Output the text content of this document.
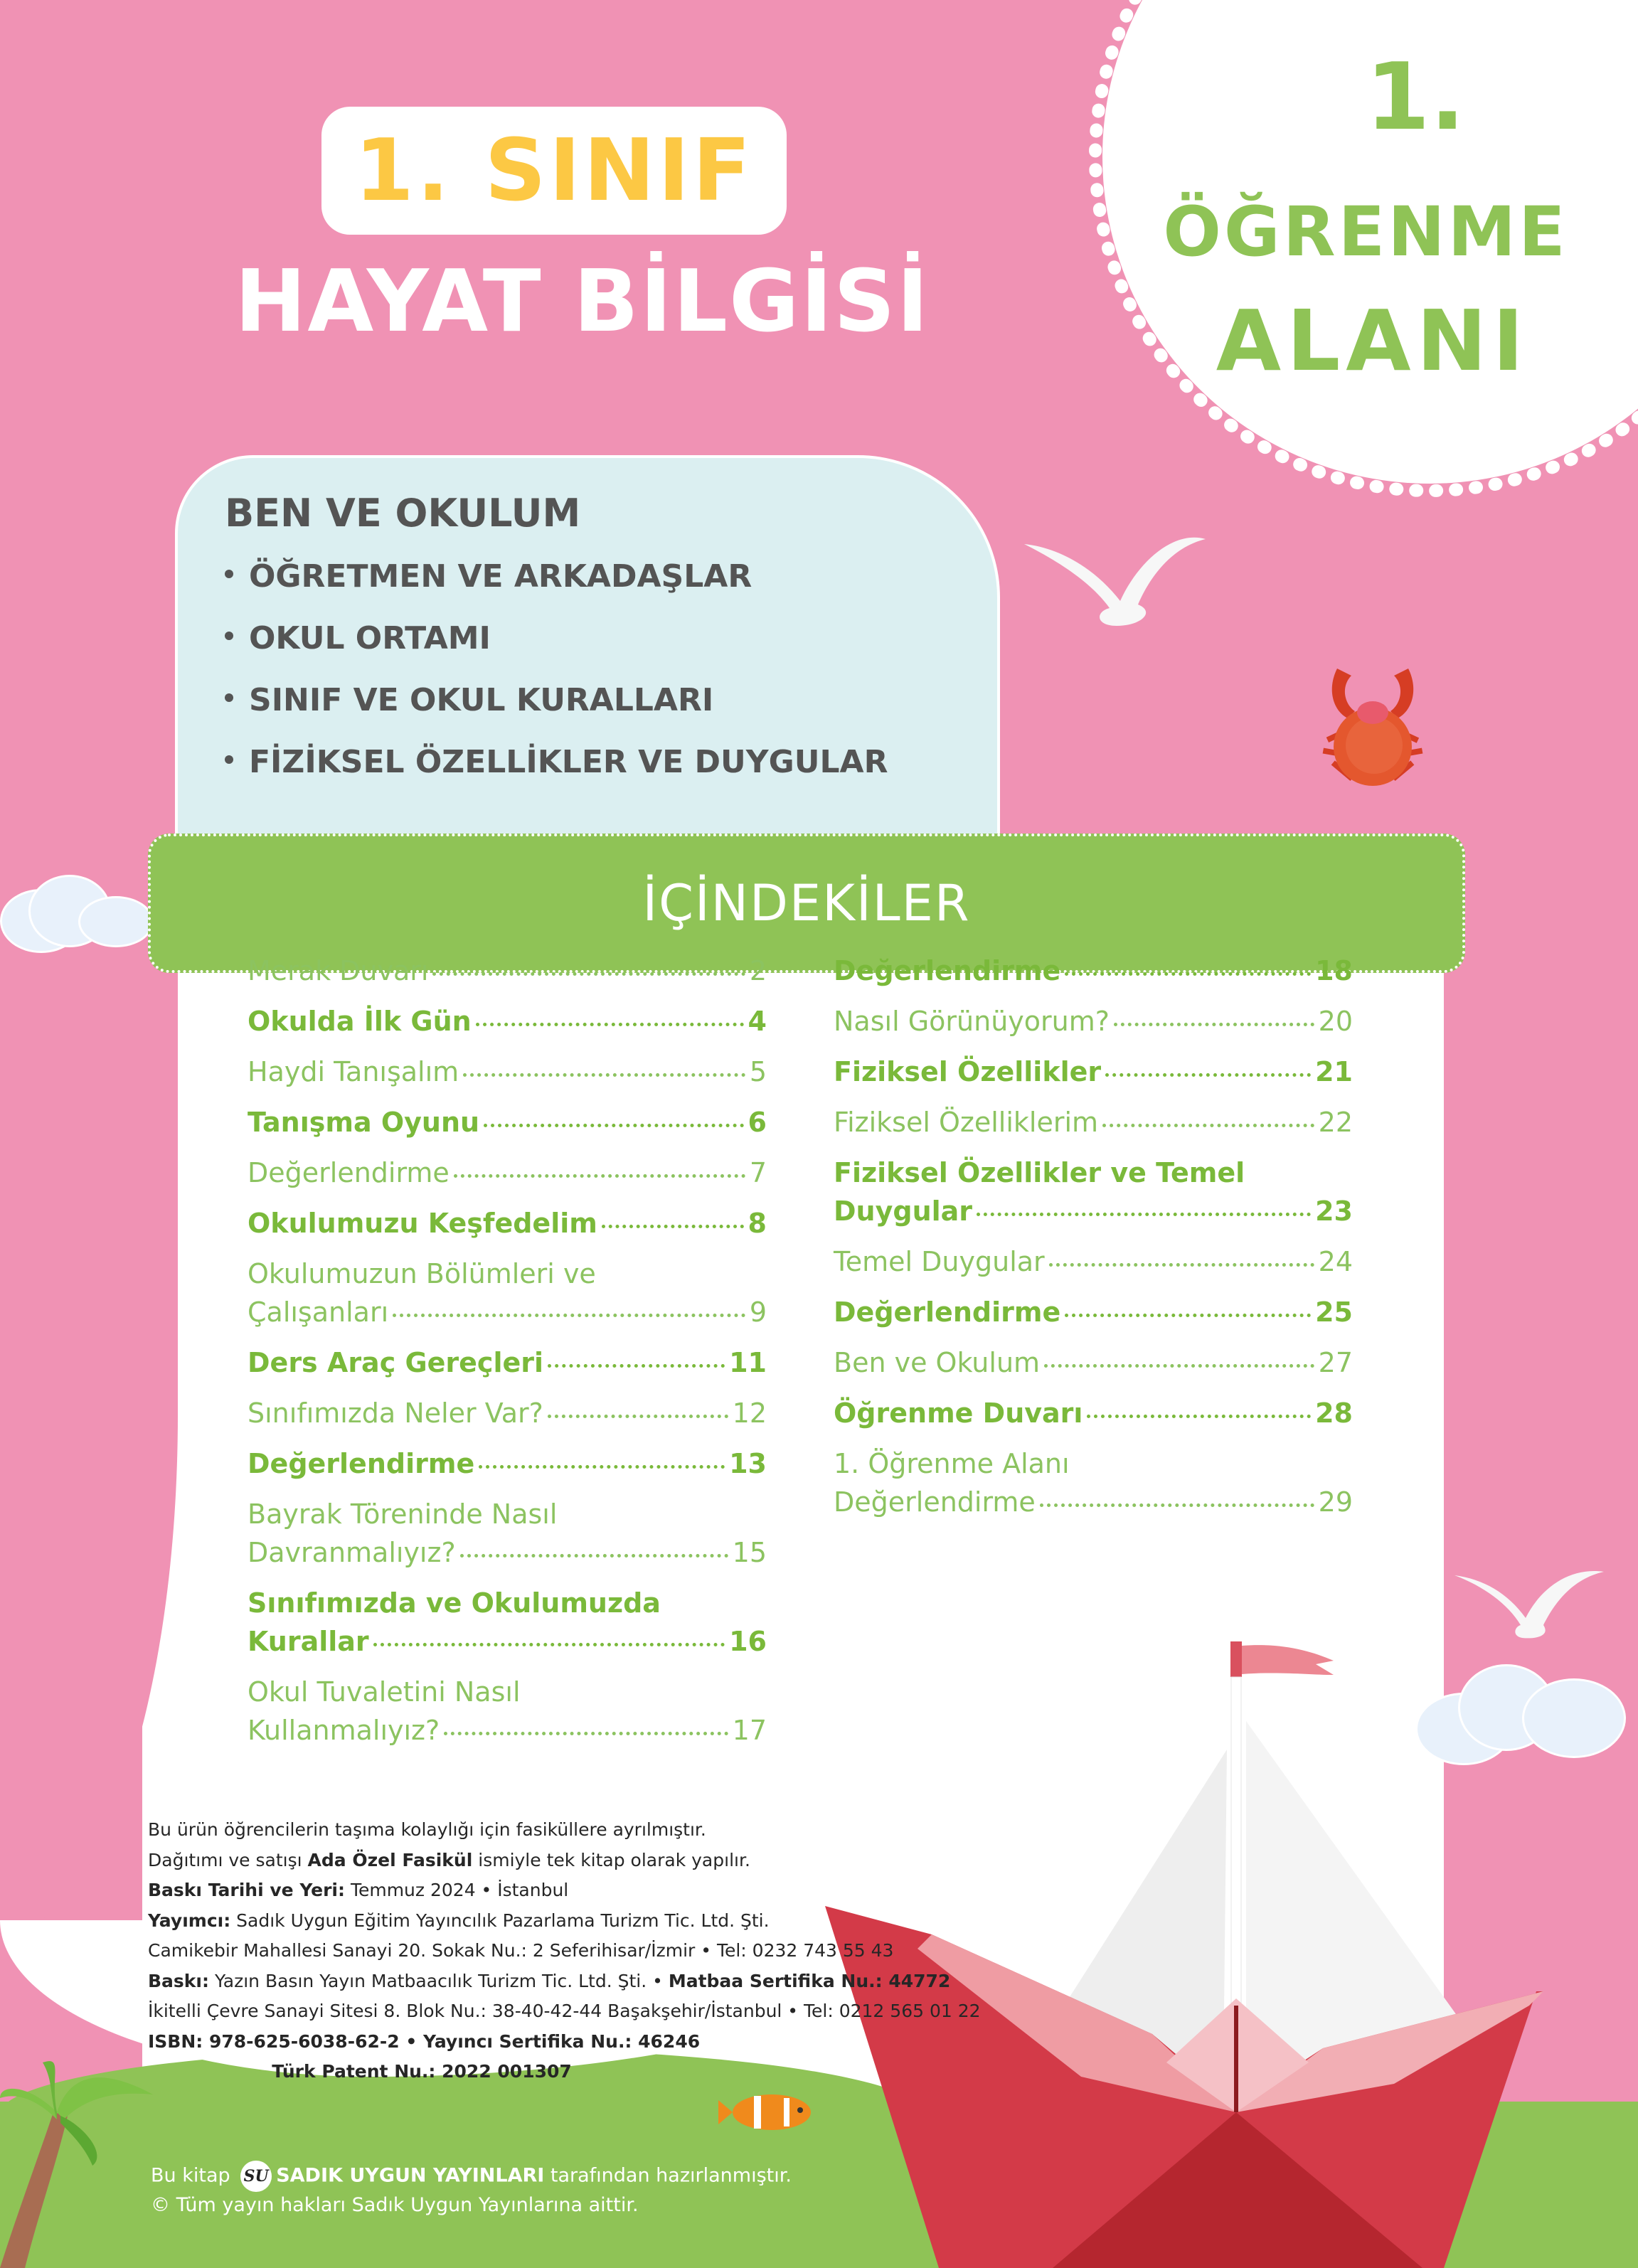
1. SINIF
HAYAT BİLGİSİ
1.
ÖĞRENME
ALANI
BEN VE OKULUM
ÖĞRETMEN VE ARKADAŞLAR
OKUL ORTAMI
SINIF VE OKUL KURALLARI
FİZİKSEL ÖZELLİKLER VE DUYGULAR
İÇİNDEKİLER
Merak Duvarı	2
Okulda İlk Gün	4
Haydi Tanışalım	5
Tanışma Oyunu	6
Değerlendirme	7
Okulumuzu Keşfedelim	8
Okulumuzun Bölümleri ve
Çalışanları	9
Ders Araç Gereçleri	11
Sınıfımızda Neler Var?	12
Değerlendirme	13
Bayrak Töreninde Nasıl
Davranmalıyız?	15
Sınıfımızda ve Okulumuzda
Kurallar	16
Okul Tuvaletini Nasıl
Kullanmalıyız?	17
Değerlendirme	18
Nasıl Görünüyorum?	20
Fiziksel Özellikler	21
Fiziksel Özelliklerim	22
Fiziksel Özellikler ve Temel
Duygular	23
Temel Duygular	24
Değerlendirme	25
Ben ve Okulum	27
Öğrenme Duvarı	28
1. Öğrenme Alanı
Değerlendirme	29
Bu ürün öğrencilerin taşıma kolaylığı için fasiküllere ayrılmıştır.
Dağıtımı ve satışı Ada Özel Fasikül ismiyle tek kitap olarak yapılır.
Baskı Tarihi ve Yeri: Temmuz 2024 • İstanbul
Yayımcı: Sadık Uygun Eğitim Yayıncılık Pazarlama Turizm Tic. Ltd. Şti.
Camikebir Mahallesi Sanayi 20. Sokak Nu.: 2 Seferihisar/İzmir • Tel: 0232 743 55 43
Baskı: Yazın Basın Yayın Matbaacılık Turizm Tic. Ltd. Şti. • Matbaa Sertifika Nu.: 44772
İkitelli Çevre Sanayi Sitesi 8. Blok Nu.: 38-40-42-44 Başakşehir/İstanbul • Tel: 0212 565 01 22
ISBN: 978-625-6038-62-2 • Yayıncı Sertifika Nu.: 46246
Türk Patent Nu.: 2022 001307
Bu kitap SU SADIK UYGUN YAYINLARI tarafından hazırlanmıştır.
© Tüm yayın hakları Sadık Uygun Yayınlarına aittir.
